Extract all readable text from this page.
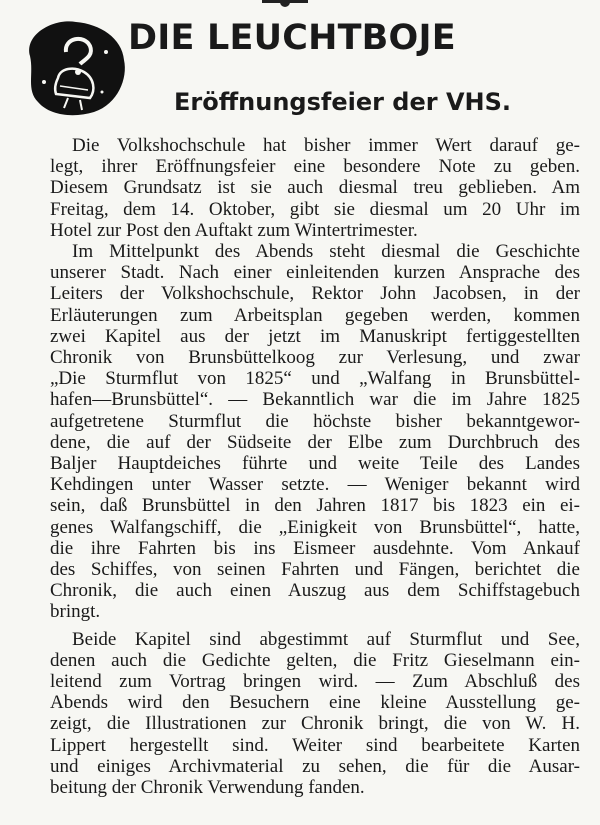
DIE LEUCHTBOJE
Eröffnungsfeier der VHS.

Die Volkshochschule hat bisher immer Wert darauf ge-
legt, ihrer Eröffnungsfeier eine besondere Note zu geben.
Diesem Grundsatz ist sie auch diesmal treu geblieben. Am
Freitag, dem 14. Oktober, gibt sie diesmal um 20 Uhr im
Hotel zur Post den Auftakt zum Wintertrimester.

Im Mittelpunkt des Abends steht diesmal die Geschichte
unserer Stadt. Nach einer einleitenden kurzen Ansprache des
Leiters der Volkshochschule, Rektor John Jacobsen, in der
Erläuterungen zum Arbeitsplan gegeben werden, kommen
zwei Kapitel aus der jetzt im Manuskript fertiggestellten
Chronik von Brunsbüttelkoog zur Verlesung, und zwar
„Die Sturmflut von 1825“ und „Walfang in Brunsbüttel-
hafen—Brunsbüttel“. — Bekanntlich war die im Jahre 1825
aufgetretene Sturmflut die höchste bisher bekanntgewor-
dene, die auf der Südseite der Elbe zum Durchbruch des
Baljer Hauptdeiches führte und weite Teile des Landes
Kehdingen unter Wasser setzte. — Weniger bekannt wird
sein, daß Brunsbüttel in den Jahren 1817 bis 1823 ein ei-
genes Walfangschiff, die „Einigkeit von Brunsbüttel“, hatte,
die ihre Fahrten bis ins Eismeer ausdehnte. Vom Ankauf
des Schiffes, von seinen Fahrten und Fängen, berichtet die
Chronik, die auch einen Auszug aus dem Schiffstagebuch
bringt.

Beide Kapitel sind abgestimmt auf Sturmflut und See,
denen auch die Gedichte gelten, die Fritz Gieselmann ein-
leitend zum Vortrag bringen wird. — Zum Abschluß des
Abends wird den Besuchern eine kleine Ausstellung ge-
zeigt, die Illustrationen zur Chronik bringt, die von W. H.
Lippert hergestellt sind. Weiter sind bearbeitete Karten
und einiges Archivmaterial zu sehen, die für die Ausar-
beitung der Chronik Verwendung fanden.
